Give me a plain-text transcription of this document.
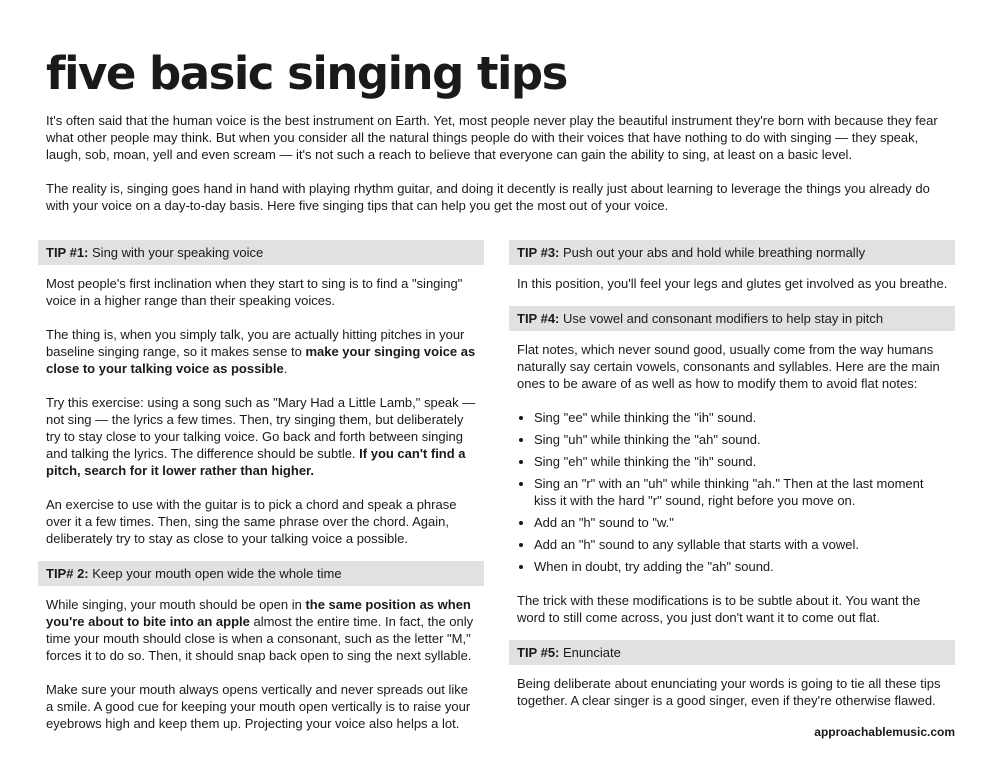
five basic singing tips

It's often said that the human voice is the best instrument on Earth. Yet, most people never play the beautiful instrument they're born with because they fear what other people may think. But when you consider all the natural things people do with their voices that have nothing to do with singing — they speak, laugh, sob, moan, yell and even scream — it's not such a reach to believe that everyone can gain the ability to sing, at least on a basic level.

The reality is, singing goes hand in hand with playing rhythm guitar, and doing it decently is really just about learning to leverage the things you already do with your voice on a day-to-day basis. Here five singing tips that can help you get the most out of your voice.

TIP #1: Sing with your speaking voice

Most people's first inclination when they start to sing is to find a "singing" voice in a higher range than their speaking voices.

The thing is, when you simply talk, you are actually hitting pitches in your baseline singing range, so it makes sense to make your singing voice as close to your talking voice as possible.

Try this exercise: using a song such as "Mary Had a Little Lamb," speak — not sing — the lyrics a few times. Then, try singing them, but deliberately try to stay close to your talking voice. Go back and forth between singing and talking the lyrics. The difference should be subtle. If you can't find a pitch, search for it lower rather than higher.

An exercise to use with the guitar is to pick a chord and speak a phrase over it a few times. Then, sing the same phrase over the chord. Again, deliberately try to stay as close to your talking voice a possible.

TIP# 2: Keep your mouth open wide the whole time

While singing, your mouth should be open in the same position as when you're about to bite into an apple almost the entire time. In fact, the only time your mouth should close is when a consonant, such as the letter "M," forces it to do so. Then, it should snap back open to sing the next syllable.

Make sure your mouth always opens vertically and never spreads out like a smile. A good cue for keeping your mouth open vertically is to raise your eyebrows high and keep them up. Projecting your voice also helps a lot.

TIP #3: Push out your abs and hold while breathing normally

In this position, you'll feel your legs and glutes get involved as you breathe.

TIP #4: Use vowel and consonant modifiers to help stay in pitch

Flat notes, which never sound good, usually come from the way humans naturally say certain vowels, consonants and syllables. Here are the main ones to be aware of as well as how to modify them to avoid flat notes:

• Sing "ee" while thinking the "ih" sound.
• Sing "uh" while thinking the "ah" sound.
• Sing "eh" while thinking the "ih" sound.
• Sing an "r" with an "uh" while thinking "ah." Then at the last moment kiss it with the hard "r" sound, right before you move on.
• Add an "h" sound to "w."
• Add an "h" sound to any syllable that starts with a vowel.
• When in doubt, try adding the "ah" sound.

The trick with these modifications is to be subtle about it. You want the word to still come across, you just don't want it to come out flat.

TIP #5: Enunciate

Being deliberate about enunciating your words is going to tie all these tips together. A clear singer is a good singer, even if they're otherwise flawed.

approachablemusic.com
